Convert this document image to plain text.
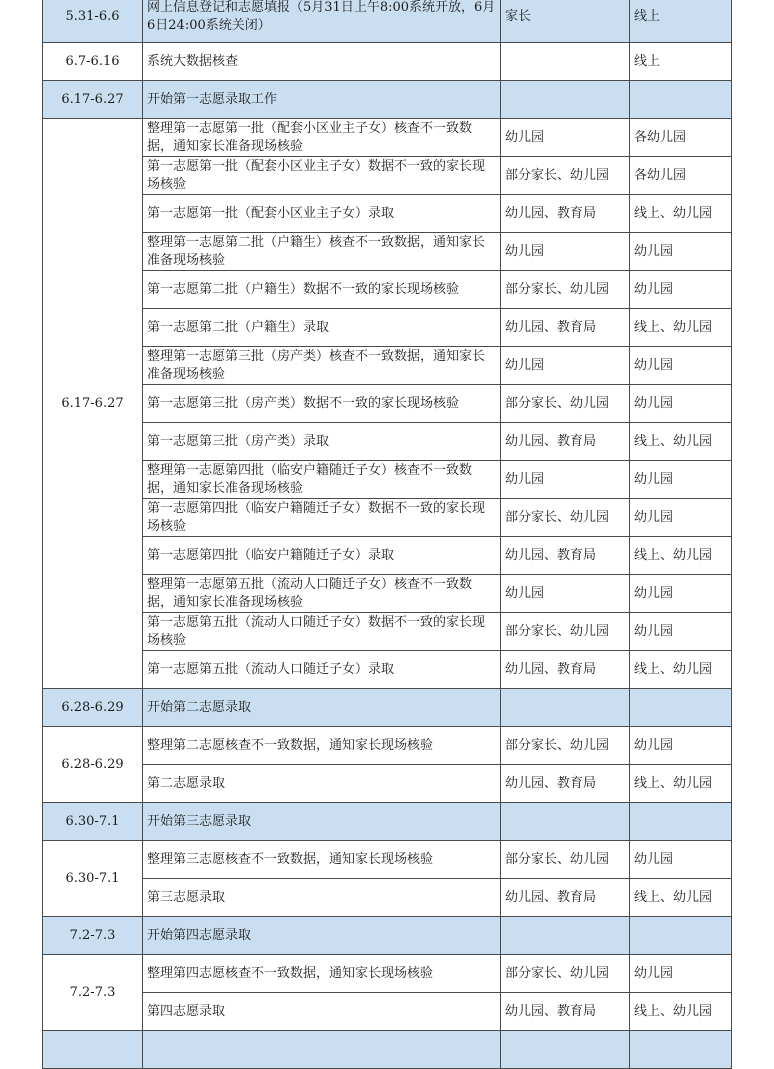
5.31-6.6	网上信息登记和志愿填报（5月31日上午8:00系统开放，6月6日24:00系统关闭）	家长	线上
6.7-6.16	系统大数据核查		线上
6.17-6.27	开始第一志愿录取工作		
6.17-6.27	整理第一志愿第一批（配套小区业主子女）核查不一致数据，通知家长准备现场核验	幼儿园	各幼儿园
	第一志愿第一批（配套小区业主子女）数据不一致的家长现场核验	部分家长、幼儿园	各幼儿园
	第一志愿第一批（配套小区业主子女）录取	幼儿园、教育局	线上、幼儿园
	整理第一志愿第二批（户籍生）核查不一致数据，通知家长准备现场核验	幼儿园	幼儿园
	第一志愿第二批（户籍生）数据不一致的家长现场核验	部分家长、幼儿园	幼儿园
	第一志愿第二批（户籍生）录取	幼儿园、教育局	线上、幼儿园
	整理第一志愿第三批（房产类）核查不一致数据，通知家长准备现场核验	幼儿园	幼儿园
	第一志愿第三批（房产类）数据不一致的家长现场核验	部分家长、幼儿园	幼儿园
	第一志愿第三批（房产类）录取	幼儿园、教育局	线上、幼儿园
	整理第一志愿第四批（临安户籍随迁子女）核查不一致数据，通知家长准备现场核验	幼儿园	幼儿园
	第一志愿第四批（临安户籍随迁子女）数据不一致的家长现场核验	部分家长、幼儿园	幼儿园
	第一志愿第四批（临安户籍随迁子女）录取	幼儿园、教育局	线上、幼儿园
	整理第一志愿第五批（流动人口随迁子女）核查不一致数据，通知家长准备现场核验	幼儿园	幼儿园
	第一志愿第五批（流动人口随迁子女）数据不一致的家长现场核验	部分家长、幼儿园	幼儿园
	第一志愿第五批（流动人口随迁子女）录取	幼儿园、教育局	线上、幼儿园
6.28-6.29	开始第二志愿录取		
6.28-6.29	整理第二志愿核查不一致数据，通知家长现场核验	部分家长、幼儿园	幼儿园
	第二志愿录取	幼儿园、教育局	线上、幼儿园
6.30-7.1	开始第三志愿录取		
6.30-7.1	整理第三志愿核查不一致数据，通知家长现场核验	部分家长、幼儿园	幼儿园
	第三志愿录取	幼儿园、教育局	线上、幼儿园
7.2-7.3	开始第四志愿录取		
7.2-7.3	整理第四志愿核查不一致数据，通知家长现场核验	部分家长、幼儿园	幼儿园
	第四志愿录取	幼儿园、教育局	线上、幼儿园
